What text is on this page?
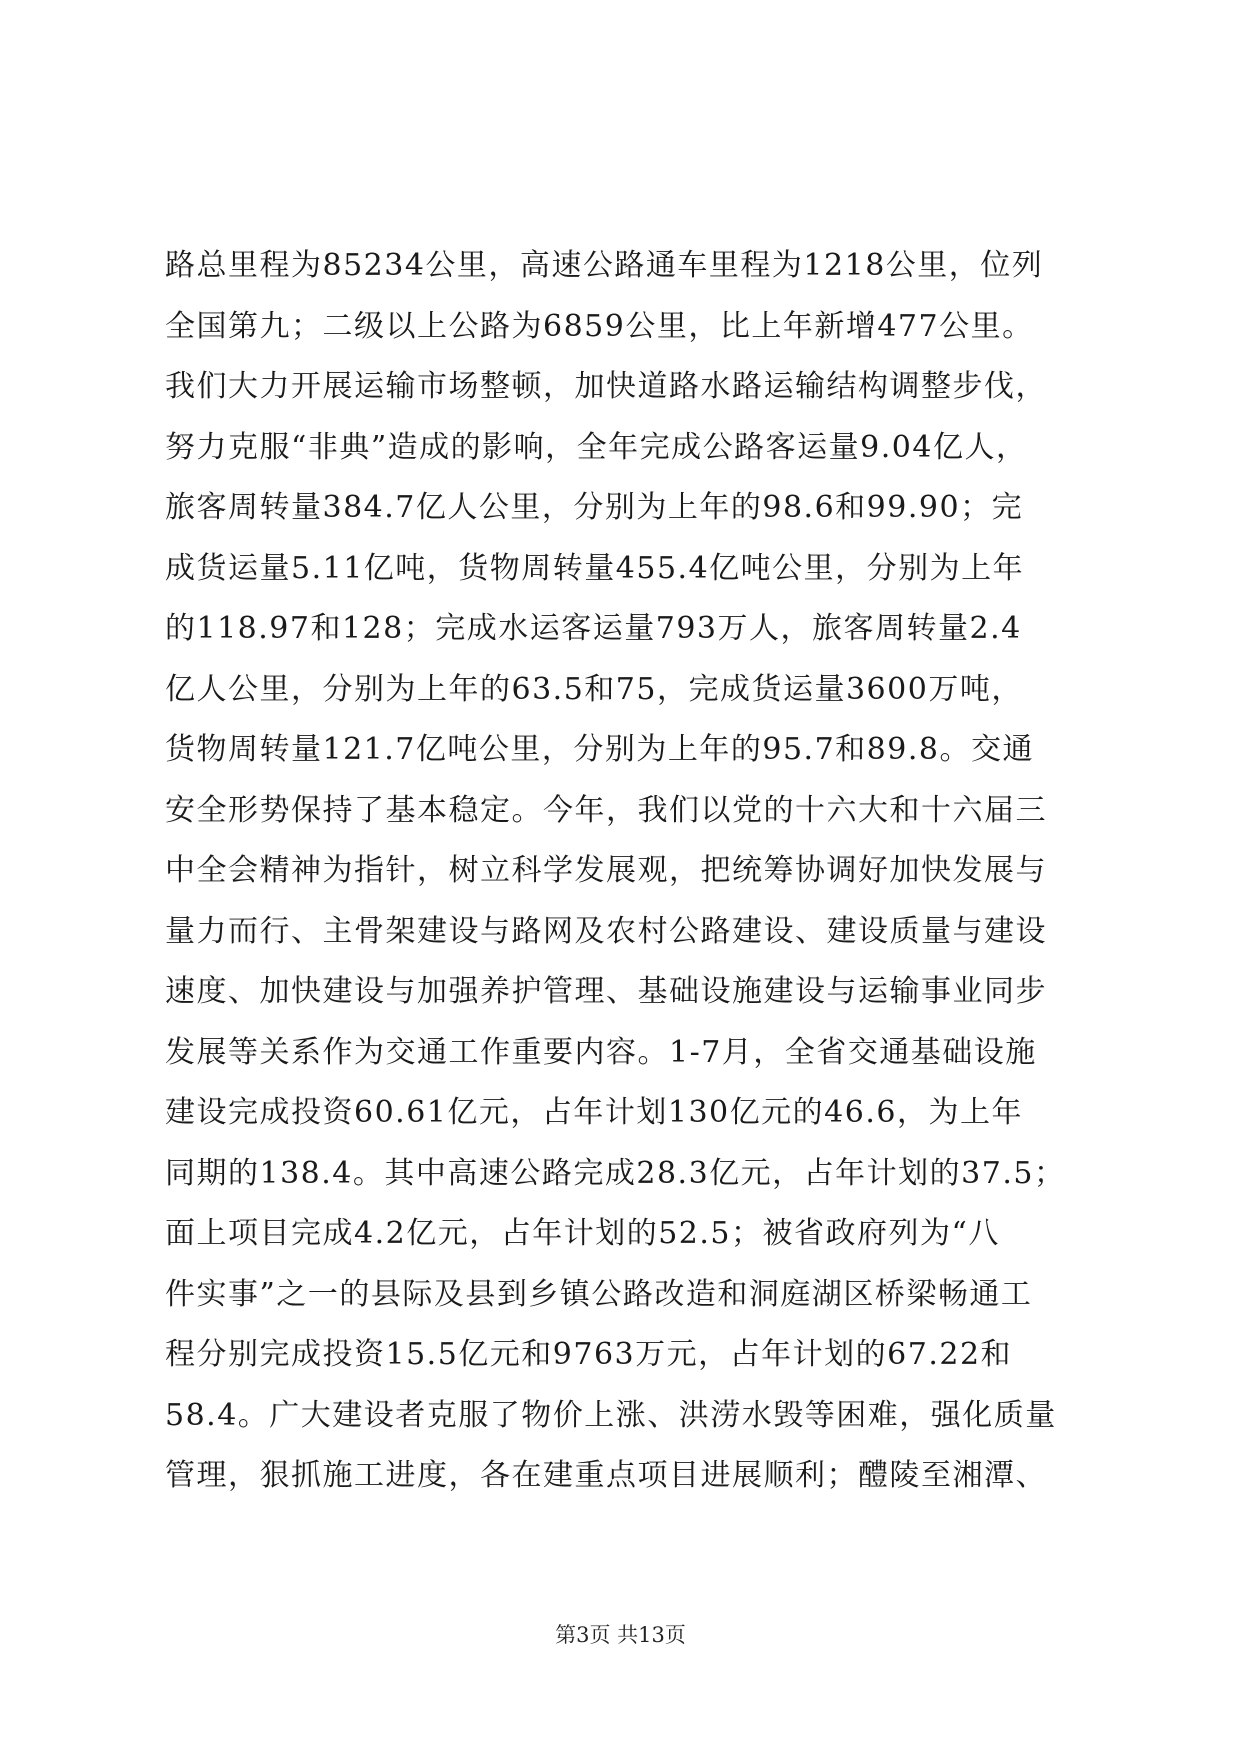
路总里程为85234公里，高速公路通车里程为1218公里，位列
全国第九；二级以上公路为6859公里，比上年新增477公里。
我们大力开展运输市场整顿，加快道路水路运输结构调整步伐，
努力克服“非典”造成的影响，全年完成公路客运量9.04亿人，
旅客周转量384.7亿人公里，分别为上年的98.6和99.90；完
成货运量5.11亿吨，货物周转量455.4亿吨公里，分别为上年
的118.97和128；完成水运客运量793万人，旅客周转量2.4
亿人公里，分别为上年的63.5和75，完成货运量3600万吨，
货物周转量121.7亿吨公里，分别为上年的95.7和89.8。交通
安全形势保持了基本稳定。今年，我们以党的十六大和十六届三
中全会精神为指针，树立科学发展观，把统筹协调好加快发展与
量力而行、主骨架建设与路网及农村公路建设、建设质量与建设
速度、加快建设与加强养护管理、基础设施建设与运输事业同步
发展等关系作为交通工作重要内容。1-7月，全省交通基础设施
建设完成投资60.61亿元，占年计划130亿元的46.6，为上年
同期的138.4。其中高速公路完成28.3亿元，占年计划的37.5；
面上项目完成4.2亿元，占年计划的52.5；被省政府列为“八
件实事”之一的县际及县到乡镇公路改造和洞庭湖区桥梁畅通工
程分别完成投资15.5亿元和9763万元，占年计划的67.22和
58.4。广大建设者克服了物价上涨、洪涝水毁等困难，强化质量
管理，狠抓施工进度，各在建重点项目进展顺利；醴陵至湘潭、
第3页 共13页
